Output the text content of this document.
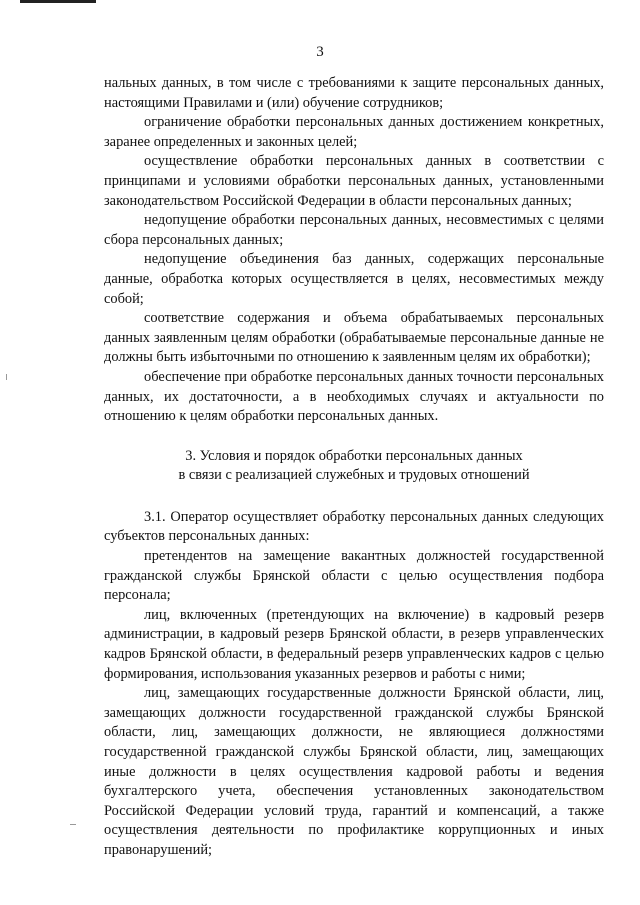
3

нальных данных, в том числе с требованиями к защите персональных данных, настоящими Правилами и (или) обучение сотрудников;

ограничение обработки персональных данных достижением конкретных, заранее определенных и законных целей;

осуществление обработки персональных данных в соответствии с принципами и условиями обработки персональных данных, установленными законодательством Российской Федерации в области персональных данных;

недопущение обработки персональных данных, несовместимых с целями сбора персональных данных;

недопущение объединения баз данных, содержащих персональные данные, обработка которых осуществляется в целях, несовместимых между собой;

соответствие содержания и объема обрабатываемых персональных данных заявленным целям обработки (обрабатываемые персональные данные не должны быть избыточными по отношению к заявленным целям их обработки);

обеспечение при обработке персональных данных точности персональных данных, их достаточности, а в необходимых случаях и актуальности по отношению к целям обработки персональных данных.

3. Условия и порядок обработки персональных данных
в связи с реализацией служебных и трудовых отношений

3.1. Оператор осуществляет обработку персональных данных следующих субъектов персональных данных:

претендентов на замещение вакантных должностей государственной гражданской службы Брянской области с целью осуществления подбора персонала;

лиц, включенных (претендующих на включение) в кадровый резерв администрации, в кадровый резерв Брянской области, в резерв управленческих кадров Брянской области, в федеральный резерв управленческих кадров с целью формирования, использования указанных резервов и работы с ними;

лиц, замещающих государственные должности Брянской области, лиц, замещающих должности государственной гражданской службы Брянской области, лиц, замещающих должности, не являющиеся должностями государственной гражданской службы Брянской области, лиц, замещающих иные должности в целях осуществления кадровой работы и ведения бухгалтерского учета, обеспечения установленных законодательством Российской Федерации условий труда, гарантий и компенсаций, а также осуществления деятельности по профилактике коррупционных и иных правонарушений;
